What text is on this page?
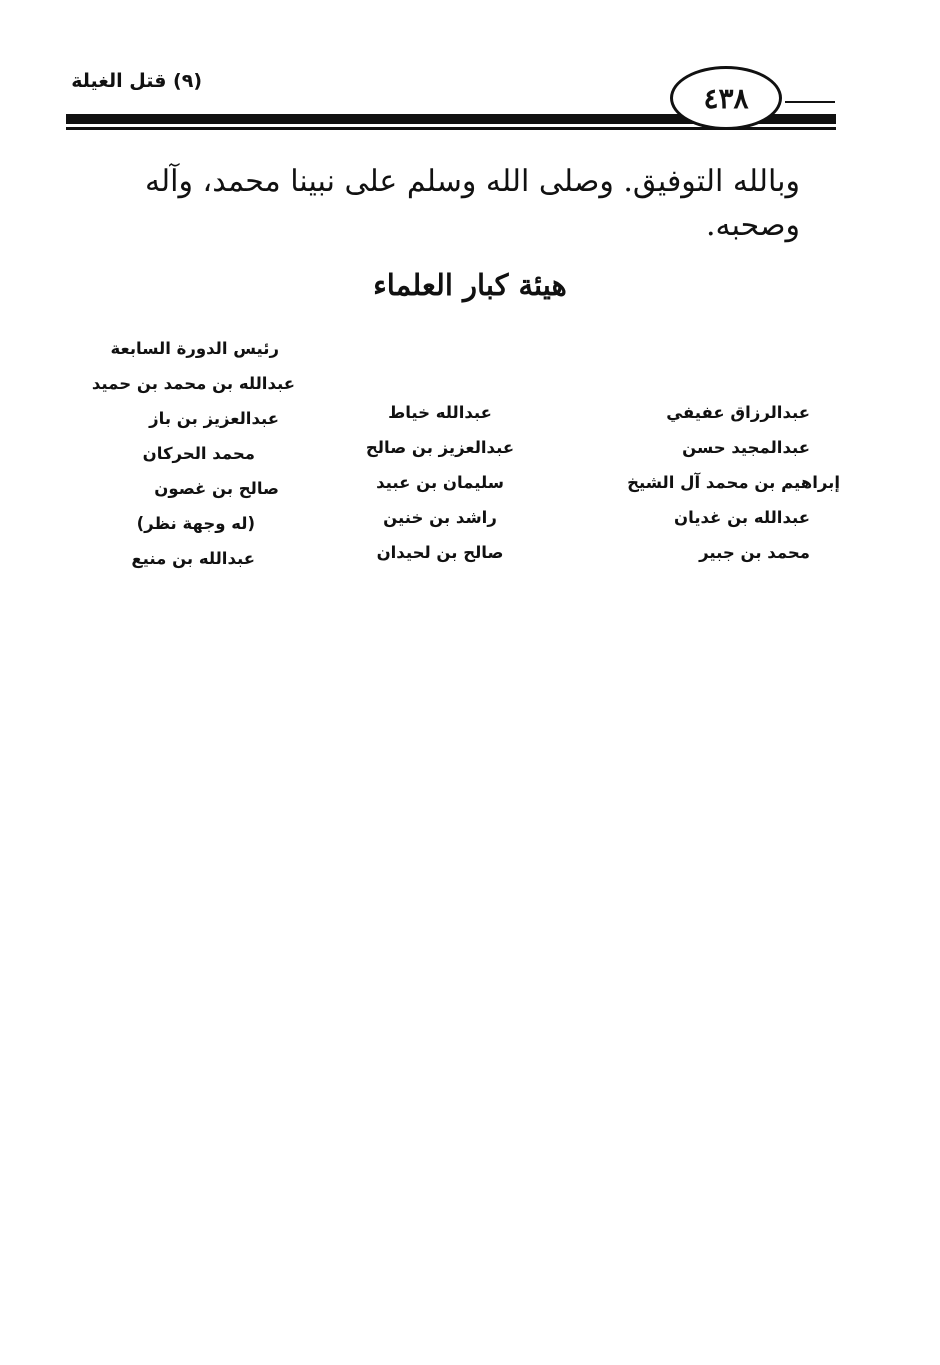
٤٣٨
(٩) قتل الغيلة
وبالله التوفيق. وصلى الله وسلم على نبينا محمد، وآله وصحبه.
هيئة كبار العلماء
عبدالرزاق عفيفي
عبدالمجيد حسن
إبراهيم بن محمد آل الشيخ
عبدالله بن غديان
محمد بن جبير
عبدالله خياط
عبدالعزيز بن صالح
سليمان بن عبيد
راشد بن خنين
صالح بن لحيدان
رئيس الدورة السابعة
عبدالله بن محمد بن حميد
عبدالعزيز بن باز
محمد الحركان
صالح بن غصون
(له وجهة نظر)
عبدالله بن منيع
